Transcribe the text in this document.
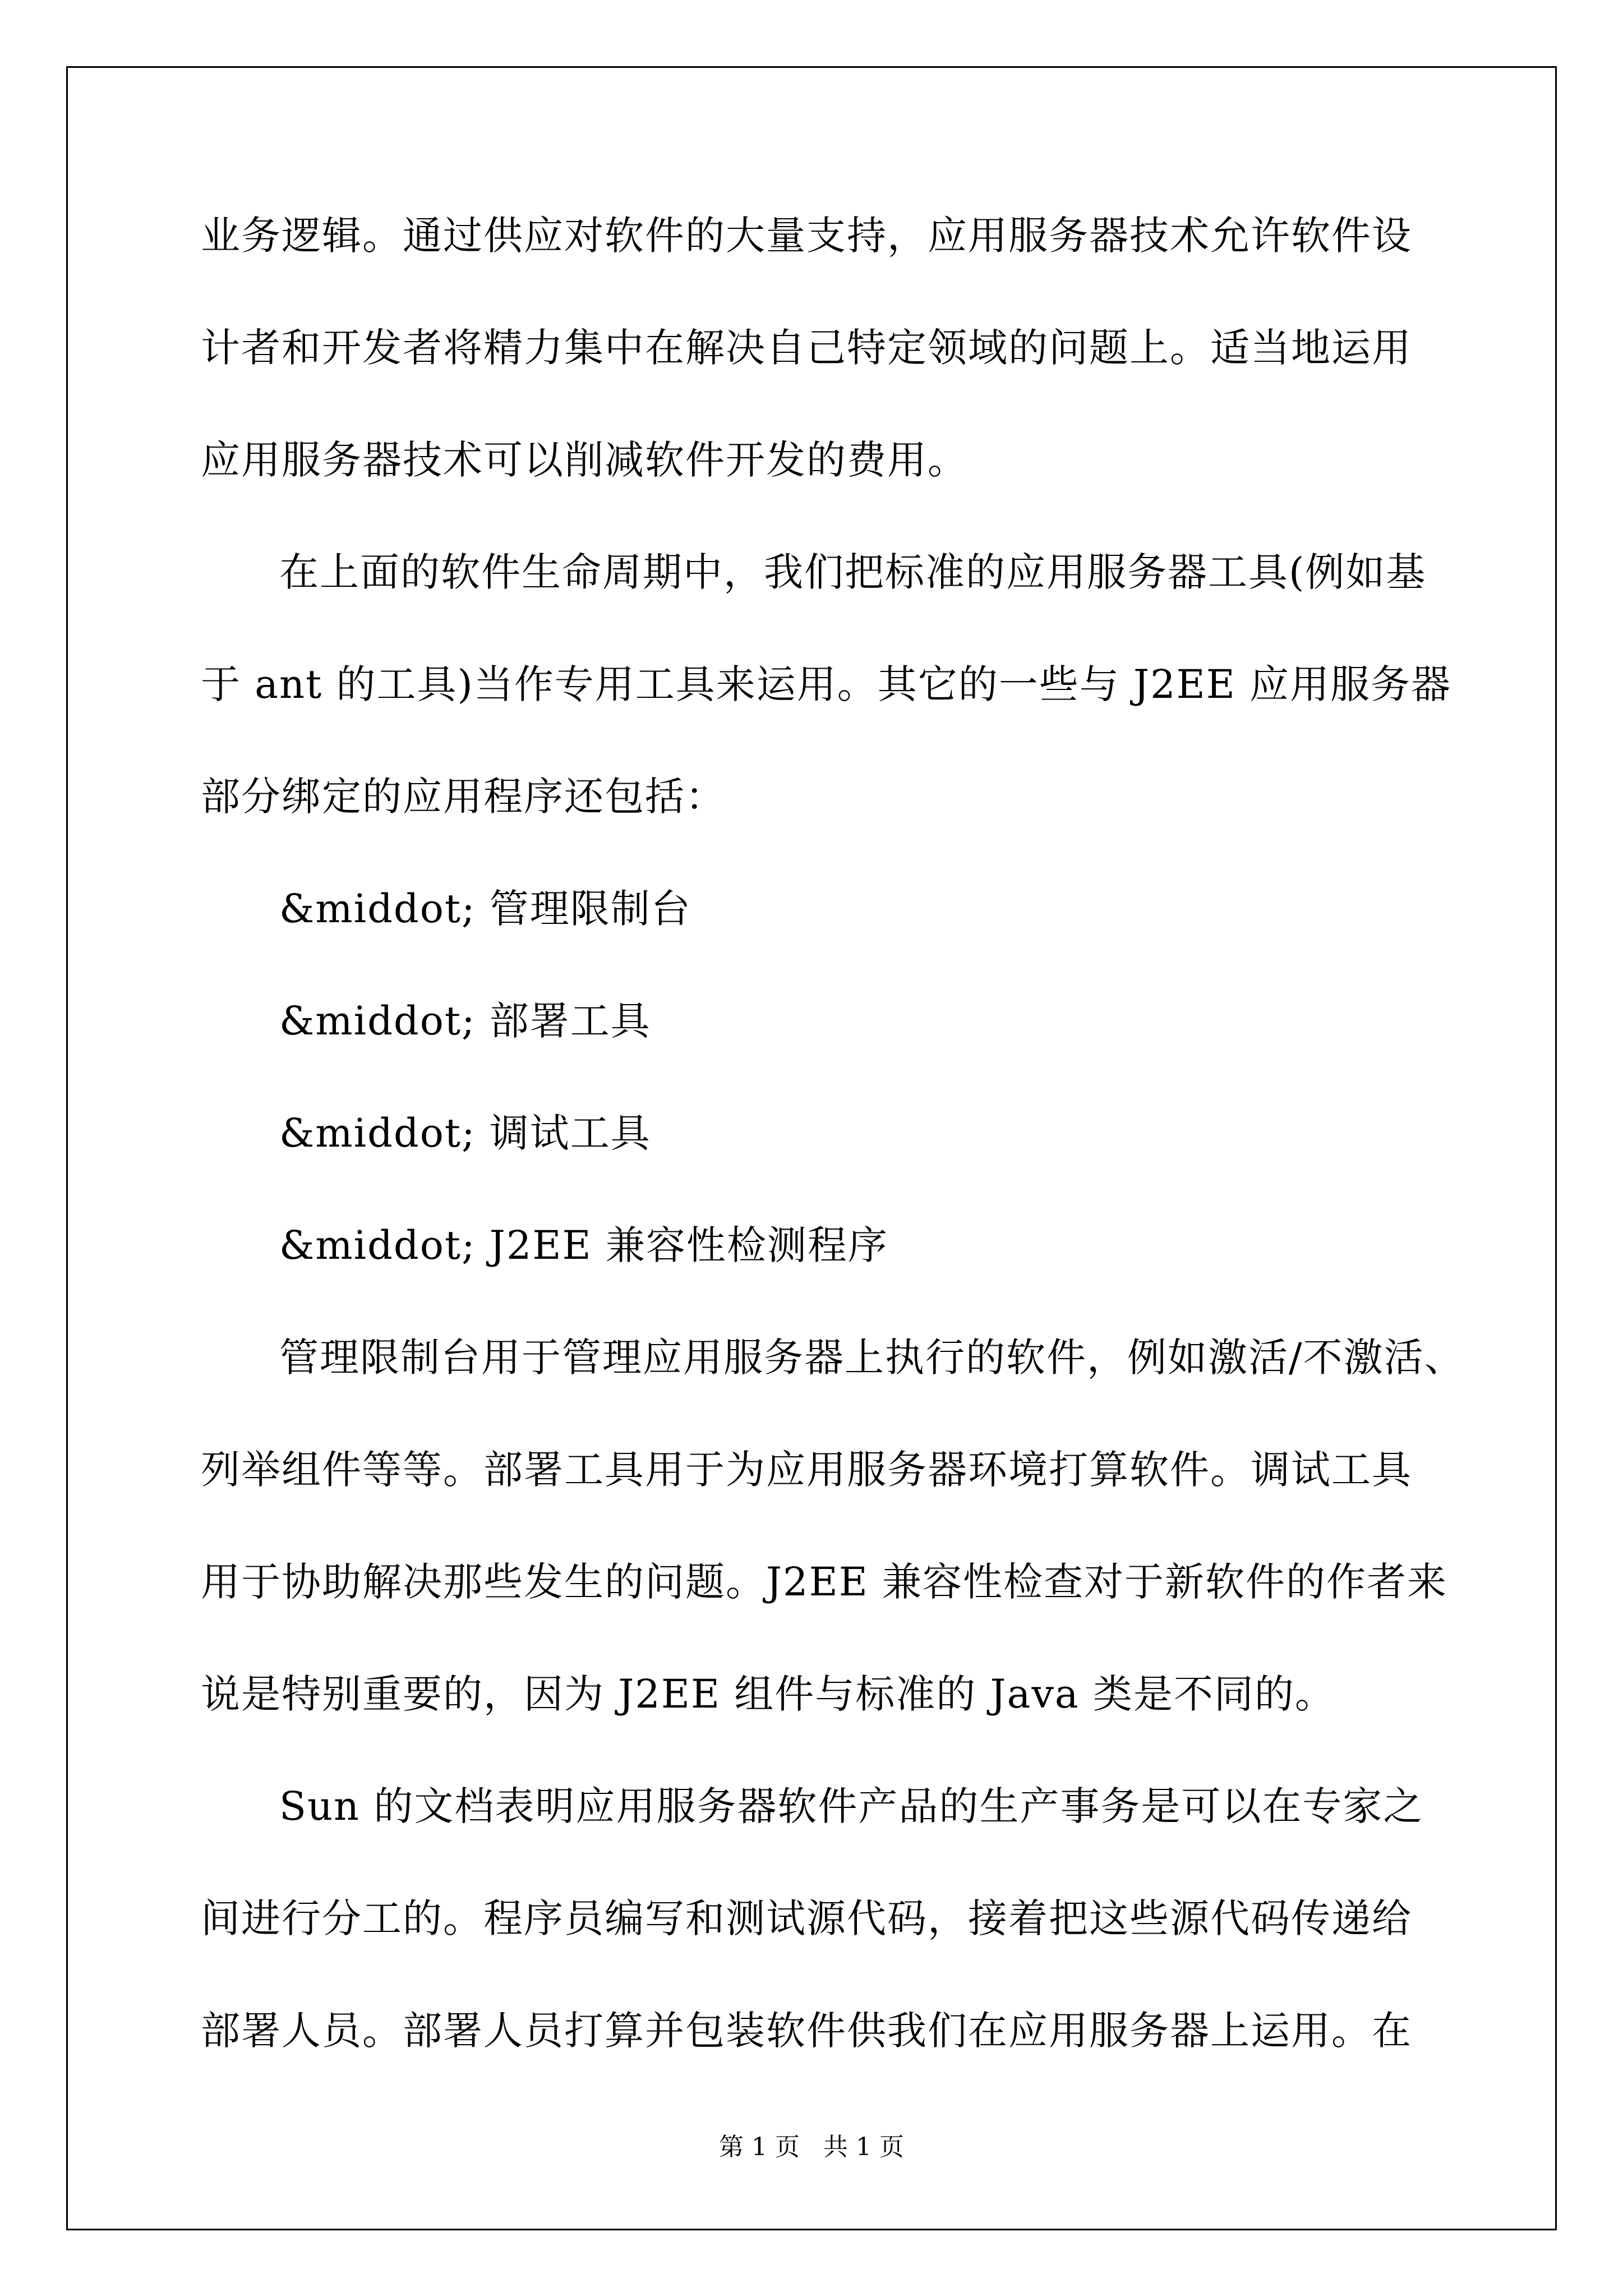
业务逻辑。通过供应对软件的大量支持，应用服务器技术允许软件设
计者和开发者将精力集中在解决自己特定领域的问题上。适当地运用
应用服务器技术可以削减软件开发的费用。
在上面的软件生命周期中，我们把标准的应用服务器工具(例如基
于 ant 的工具)当作专用工具来运用。其它的一些与 J2EE 应用服务器
部分绑定的应用程序还包括：
&middot; 管理限制台
&middot; 部署工具
&middot; 调试工具
&middot; J2EE 兼容性检测程序
管理限制台用于管理应用服务器上执行的软件，例如激活/不激活、
列举组件等等。部署工具用于为应用服务器环境打算软件。调试工具
用于协助解决那些发生的问题。J2EE 兼容性检查对于新软件的作者来
说是特别重要的，因为 J2EE 组件与标准的 Java 类是不同的。
Sun 的文档表明应用服务器软件产品的生产事务是可以在专家之
间进行分工的。程序员编写和测试源代码，接着把这些源代码传递给
部署人员。部署人员打算并包装软件供我们在应用服务器上运用。在
第 1 页   共 1 页
